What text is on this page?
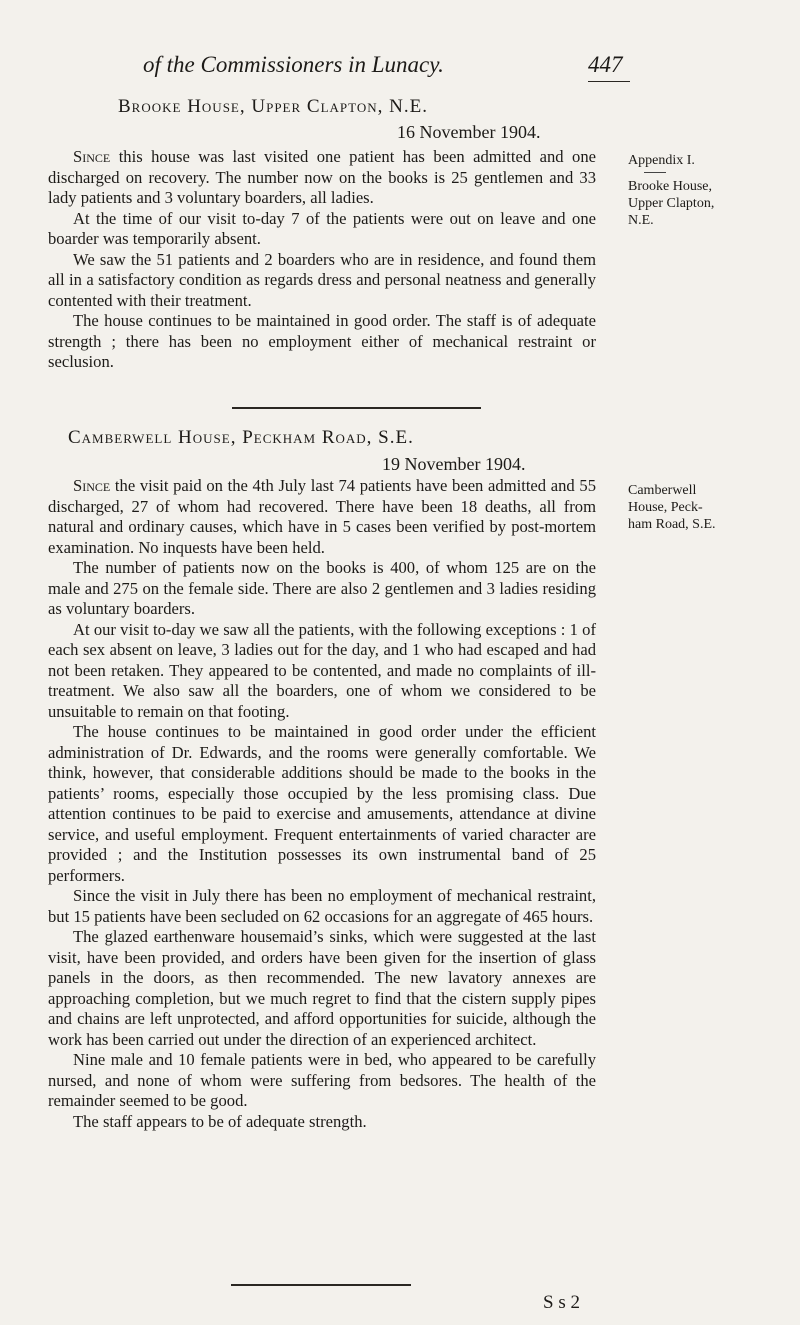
of the Commissioners in Lunacy.	447
Brooke House, Upper Clapton, N.E.
16 November 1904.

Since this house was last visited one patient has been admitted and one discharged on recovery. The number now on the books is 25 gentlemen and 33 lady patients and 3 voluntary boarders, all ladies.

At the time of our visit to-day 7 of the patients were out on leave and one boarder was temporarily absent.

We saw the 51 patients and 2 boarders who are in residence, and found them all in a satisfactory condition as regards dress and personal neatness and generally contented with their treatment.

The house continues to be maintained in good order. The staff is of adequate strength ; there has been no employment either of mechanical restraint or seclusion.

Appendix I.
Brooke House,
Upper Clapton,
N.E.
Camberwell House, Peckham Road, S.E.
19 November 1904.

Since the visit paid on the 4th July last 74 patients have been admitted and 55 discharged, 27 of whom had recovered. There have been 18 deaths, all from natural and ordinary causes, which have in 5 cases been verified by post-mortem examination. No inquests have been held.

The number of patients now on the books is 400, of whom 125 are on the male and 275 on the female side. There are also 2 gentlemen and 3 ladies residing as voluntary boarders.

At our visit to-day we saw all the patients, with the following exceptions : 1 of each sex absent on leave, 3 ladies out for the day, and 1 who had escaped and had not been retaken. They appeared to be contented, and made no complaints of ill-treatment. We also saw all the boarders, one of whom we considered to be unsuitable to remain on that footing.

The house continues to be maintained in good order under the efficient administration of Dr. Edwards, and the rooms were generally comfortable. We think, however, that considerable additions should be made to the books in the patients’ rooms, especially those occupied by the less promising class. Due attention continues to be paid to exercise and amusements, attendance at divine service, and useful employment. Frequent entertainments of varied character are provided ; and the Institution possesses its own instrumental band of 25 performers.

Since the visit in July there has been no employment of mechanical restraint, but 15 patients have been secluded on 62 occasions for an aggregate of 465 hours.

The glazed earthenware housemaid’s sinks, which were suggested at the last visit, have been provided, and orders have been given for the insertion of glass panels in the doors, as then recommended. The new lavatory annexes are approaching completion, but we much regret to find that the cistern supply pipes and chains are left unprotected, and afford opportunities for suicide, although the work has been carried out under the direction of an experienced architect.

Nine male and 10 female patients were in bed, who appeared to be carefully nursed, and none of whom were suffering from bedsores. The health of the remainder seemed to be good.

The staff appears to be of adequate strength.

Camberwell
House, Peck-
ham Road, S.E.
S s 2
